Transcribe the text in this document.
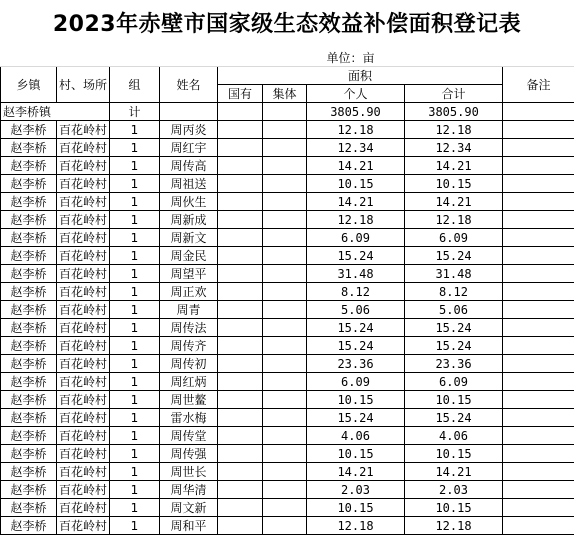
2023年赤壁市国家级生态效益补偿面积登记表
						单位：亩		
乡镇	村、场所	组	姓名	面积				备注
				国有	集体	个人	合计	
赵李桥镇		计				3805.90	3805.90	
赵李桥	百花岭村	1	周丙炎			12.18	12.18	
赵李桥	百花岭村	1	周红宇			12.34	12.34	
赵李桥	百花岭村	1	周传高			14.21	14.21	
赵李桥	百花岭村	1	周祖送			10.15	10.15	
赵李桥	百花岭村	1	周伙生			14.21	14.21	
赵李桥	百花岭村	1	周新成			12.18	12.18	
赵李桥	百花岭村	1	周新文			6.09	6.09	
赵李桥	百花岭村	1	周金民			15.24	15.24	
赵李桥	百花岭村	1	周望平			31.48	31.48	
赵李桥	百花岭村	1	周正欢			8.12	8.12	
赵李桥	百花岭村	1	周青			5.06	5.06	
赵李桥	百花岭村	1	周传法			15.24	15.24	
赵李桥	百花岭村	1	周传齐			15.24	15.24	
赵李桥	百花岭村	1	周传初			23.36	23.36	
赵李桥	百花岭村	1	周红炳			6.09	6.09	
赵李桥	百花岭村	1	周世鳌			10.15	10.15	
赵李桥	百花岭村	1	雷水梅			15.24	15.24	
赵李桥	百花岭村	1	周传堂			4.06	4.06	
赵李桥	百花岭村	1	周传强			10.15	10.15	
赵李桥	百花岭村	1	周世长			14.21	14.21	
赵李桥	百花岭村	1	周华清			2.03	2.03	
赵李桥	百花岭村	1	周文新			10.15	10.15	
赵李桥	百花岭村	1	周和平			12.18	12.18	
